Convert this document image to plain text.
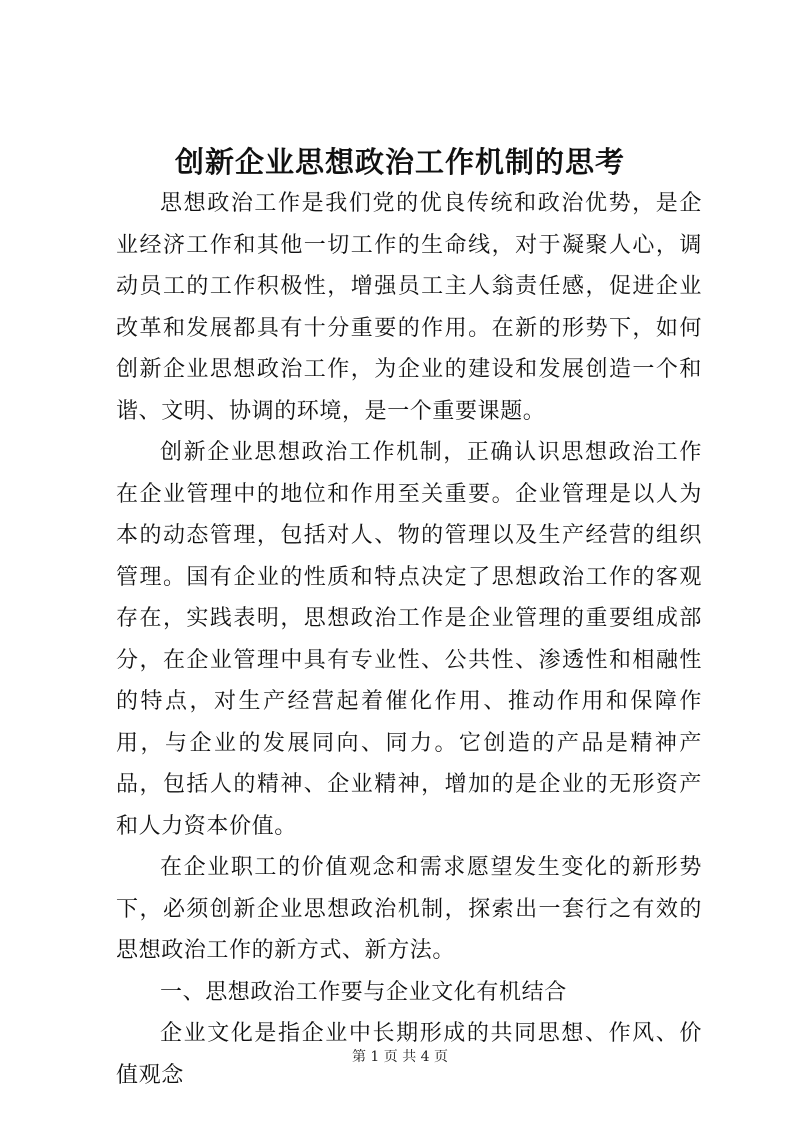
创新企业思想政治工作机制的思考

思想政治工作是我们党的优良传统和政治优势，是企业经济工作和其他一切工作的生命线，对于凝聚人心，调动员工的工作积极性，增强员工主人翁责任感，促进企业改革和发展都具有十分重要的作用。在新的形势下，如何创新企业思想政治工作，为企业的建设和发展创造一个和谐、文明、协调的环境，是一个重要课题。

创新企业思想政治工作机制，正确认识思想政治工作在企业管理中的地位和作用至关重要。企业管理是以人为本的动态管理，包括对人、物的管理以及生产经营的组织管理。国有企业的性质和特点决定了思想政治工作的客观存在，实践表明，思想政治工作是企业管理的重要组成部分，在企业管理中具有专业性、公共性、渗透性和相融性的特点，对生产经营起着催化作用、推动作用和保障作用，与企业的发展同向、同力。它创造的产品是精神产品，包括人的精神、企业精神，增加的是企业的无形资产和人力资本价值。

在企业职工的价值观念和需求愿望发生变化的新形势下，必须创新企业思想政治机制，探索出一套行之有效的思想政治工作的新方式、新方法。

一、思想政治工作要与企业文化有机结合

企业文化是指企业中长期形成的共同思想、作风、价值观念

第 1 页 共 4 页
